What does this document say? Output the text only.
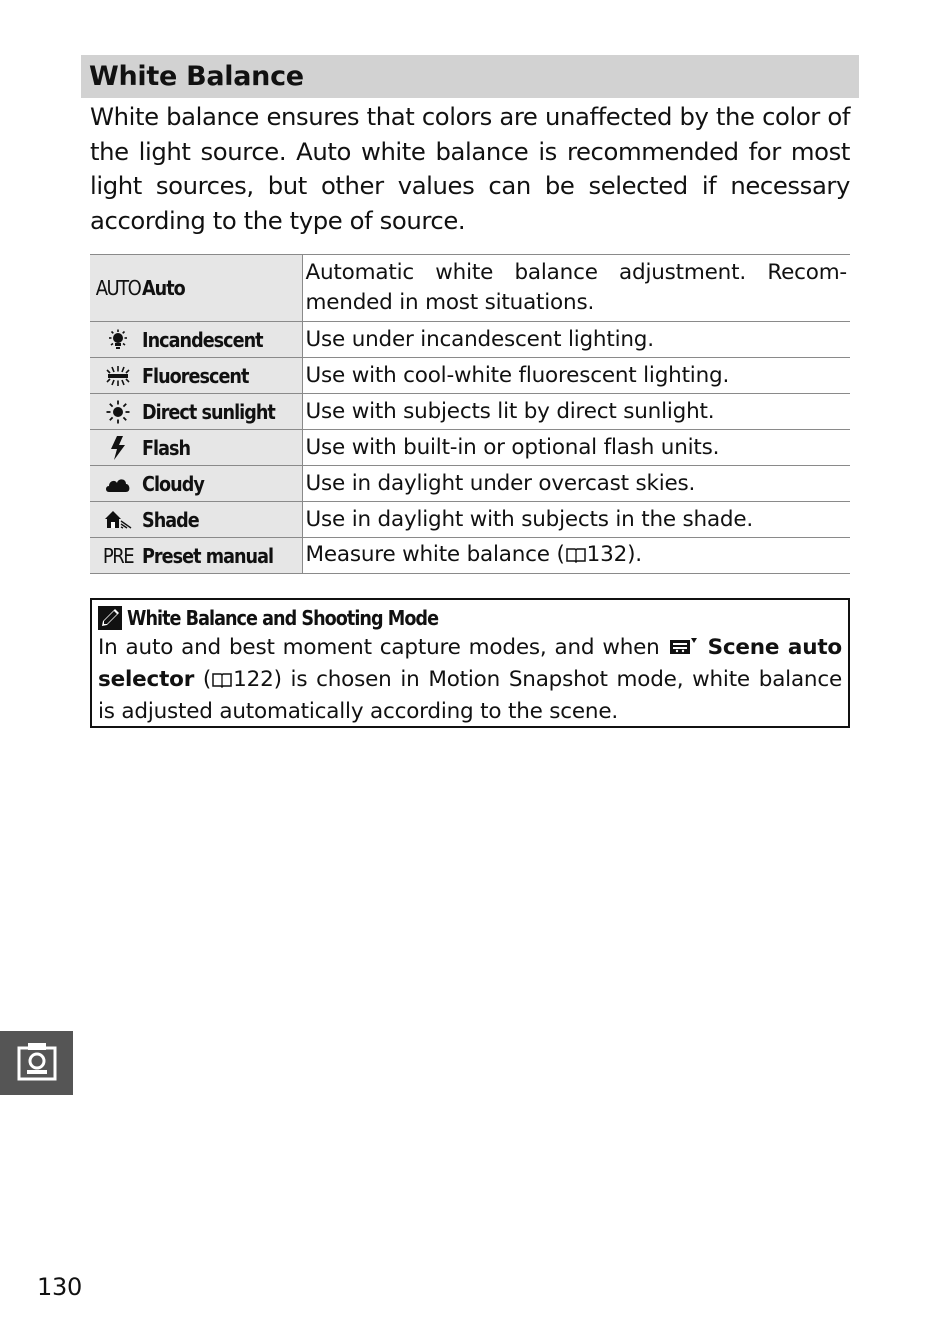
White Balance

White balance ensures that colors are unaffected by the color of the light source. Auto white balance is recommended for most light sources, but other values can be selected if necessary according to the type of source.

AUTO Auto	Automatic white balance adjustment. Recom-mended in most situations.

Incandescent	Use under incandescent lighting.

Fluorescent	Use with cool-white fluorescent lighting.

Direct sunlight	Use with subjects lit by direct sunlight.

Flash	Use with built-in or optional flash units.

Cloudy	Use in daylight under overcast skies.

Shade	Use in daylight with subjects in the shade.

PRE Preset manual	Measure white balance ( 132).
White Balance and Shooting Mode

In auto and best moment capture modes, and when  Scene auto selector ( 122) is chosen in Motion Snapshot mode, white balance is adjusted automatically according to the scene.

130
